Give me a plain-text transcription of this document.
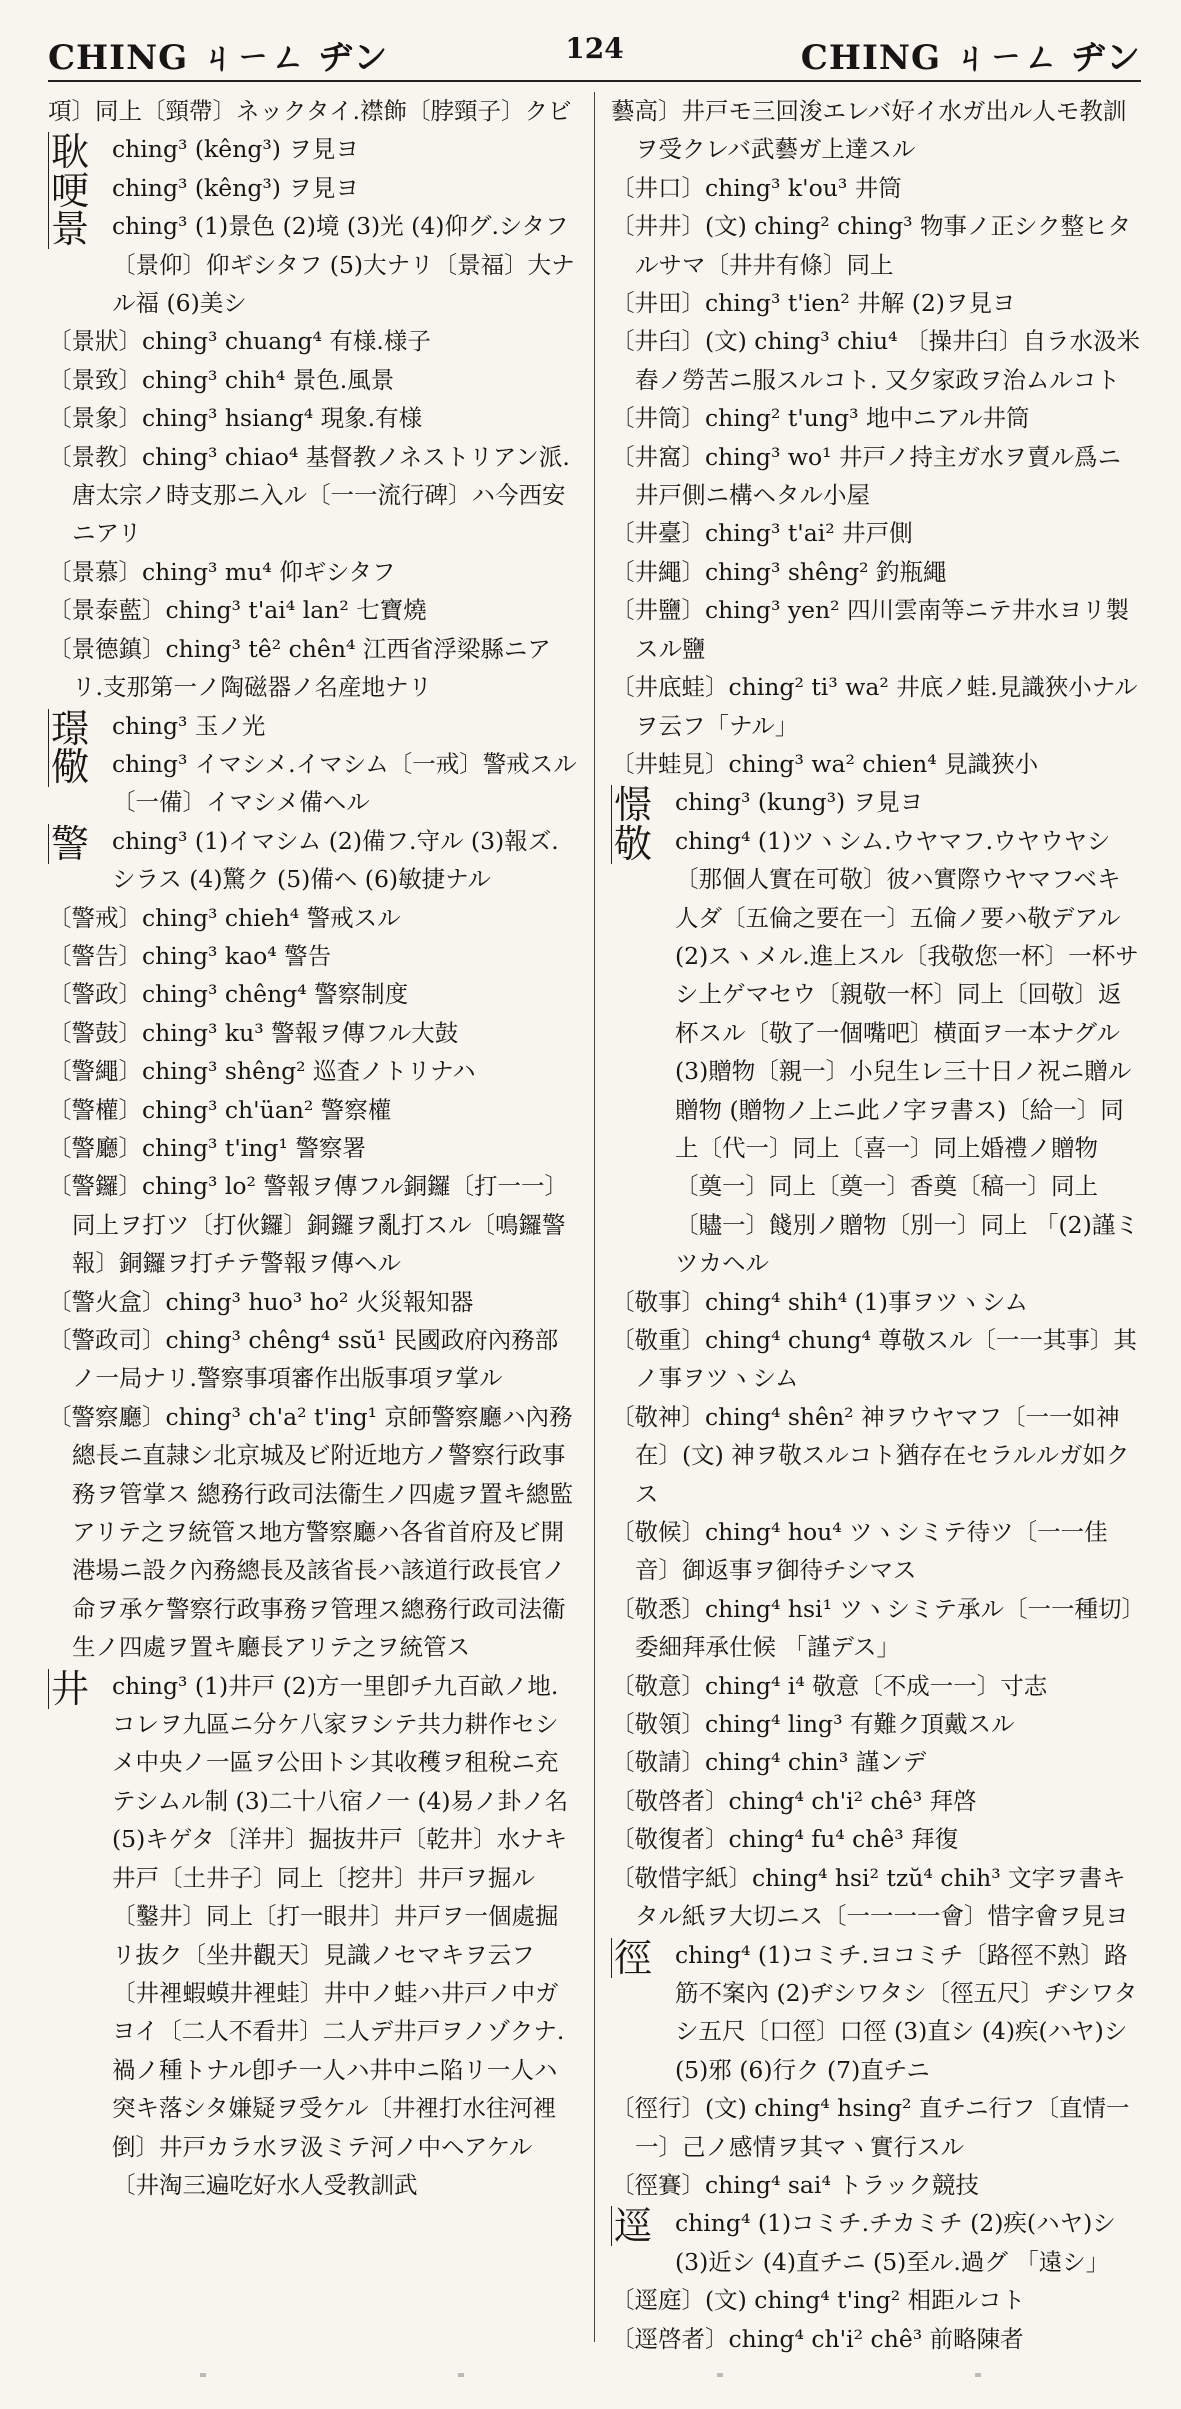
CHING ㄐㄧㄥ ヂン	124	CHING ㄐㄧㄥ ヂン
項〕同上〔頸帶〕ネックタイ.襟飾〔脖頸子〕クビ
耿 ching³ (kêng³) ヲ見ヨ
哽 ching³ (kêng³) ヲ見ヨ
景 ching³ (1)景色 (2)境 (3)光 (4)仰グ.シタフ〔景仰〕仰ギシタフ (5)大ナリ〔景福〕大ナル福 (6)美シ
〔景狀〕ching³ chuang⁴ 有様.様子
〔景致〕ching³ chih⁴ 景色.風景
〔景象〕ching³ hsiang⁴ 現象.有様
〔景教〕ching³ chiao⁴ 基督教ノネストリアン派.唐太宗ノ時支那ニ入ル〔一一流行碑〕ハ今西安ニアリ
〔景慕〕ching³ mu⁴ 仰ギシタフ
〔景泰藍〕ching³ t'ai⁴ lan² 七寶燒
〔景德鎮〕ching³ tê² chên⁴ 江西省浮梁縣ニアリ.支那第一ノ陶磁器ノ名産地ナリ
璟 ching³ 玉ノ光
儆 ching³ イマシメ.イマシム〔一戒〕警戒スル〔一備〕イマシメ備ヘル
警 ching³ (1)イマシム (2)備フ.守ル (3)報ズ.シラス (4)驚ク (5)備ヘ (6)敏捷ナル
〔警戒〕ching³ chieh⁴ 警戒スル
〔警告〕ching³ kao⁴ 警告
〔警政〕ching³ chêng⁴ 警察制度
〔警鼓〕ching³ ku³ 警報ヲ傳フル大鼓
〔警繩〕ching³ shêng² 巡査ノトリナハ
〔警權〕ching³ ch'üan² 警察權
〔警廳〕ching³ t'ing¹ 警察署
〔警鑼〕ching³ lo² 警報ヲ傳フル銅鑼〔打一一〕同上ヲ打ツ〔打伙鑼〕銅鑼ヲ亂打スル〔鳴鑼警報〕銅鑼ヲ打チテ警報ヲ傳ヘル
〔警火盒〕ching³ huo³ ho² 火災報知器
〔警政司〕ching³ chêng⁴ ssŭ¹ 民國政府內務部ノ一局ナリ.警察事項審作出版事項ヲ掌ル
〔警察廳〕ching³ ch'a² t'ing¹ 京師警察廳ハ內務總長ニ直隷シ北京城及ビ附近地方ノ警察行政事務ヲ管掌ス 總務行政司法衞生ノ四處ヲ置キ總監アリテ之ヲ統管ス地方警察廳ハ各省首府及ビ開港場ニ設ク內務總長及該省長ハ該道行政長官ノ命ヲ承ケ警察行政事務ヲ管理ス總務行政司法衞生ノ四處ヲ置キ廳長アリテ之ヲ統管ス
井 ching³ (1)井戸 (2)方一里卽チ九百畝ノ地. コレヲ九區ニ分ケ八家ヲシテ共力耕作セシメ中央ノ一區ヲ公田トシ其收穫ヲ租稅ニ充テシムル制 (3)二十八宿ノ一 (4)易ノ卦ノ名 (5)キゲタ〔洋井〕掘抜井戸〔乾井〕水ナキ井戸〔土井子〕同上〔挖井〕井戸ヲ掘ル〔鑿井〕同上〔打一眼井〕井戸ヲ一個處掘リ抜ク〔坐井觀天〕見識ノセマキヲ云フ〔井裡蝦蟆井裡蛙〕井中ノ蛙ハ井戸ノ中ガヨイ〔二人不看井〕二人デ井戸ヲノゾクナ. 禍ノ種トナル卽チ一人ハ井中ニ陷リ一人ハ突キ落シタ嫌疑ヲ受ケル〔井裡打水往河裡倒〕井戸カラ水ヲ汲ミテ河ノ中ヘアケル〔井淘三遍吃好水人受教訓武
藝高〕井戸モ三回浚エレバ好イ水ガ出ル人モ教訓ヲ受クレバ武藝ガ上達スル
〔井口〕ching³ k'ou³ 井筒
〔井井〕(文) ching² ching³ 物事ノ正シク整ヒタルサマ〔井井有條〕同上
〔井田〕ching³ t'ien² 井解 (2)ヲ見ヨ
〔井臼〕(文) ching³ chiu⁴ 〔操井臼〕自ラ水汲米舂ノ勞苦ニ服スルコト. 又夕家政ヲ治ムルコト
〔井筒〕ching² t'ung³ 地中ニアル井筒
〔井窩〕ching³ wo¹ 井戸ノ持主ガ水ヲ賣ル爲ニ井戸側ニ構ヘタル小屋
〔井臺〕ching³ t'ai² 井戸側
〔井繩〕ching³ shêng² 釣瓶繩
〔井鹽〕ching³ yen² 四川雲南等ニテ井水ヨリ製スル鹽
〔井底蛙〕ching² ti³ wa² 井底ノ蛙.見識狹小ナルヲ云フ「ナル」
〔井蛙見〕ching³ wa² chien⁴ 見識狹小
憬 ching³ (kung³) ヲ見ヨ
敬 ching⁴ (1)ツヽシム.ウヤマフ.ウヤウヤシ〔那個人實在可敬〕彼ハ實際ウヤマフベキ人ダ〔五倫之要在一〕五倫ノ要ハ敬デアル (2)スヽメル.進上スル〔我敬您一杯〕一杯サシ上ゲマセウ〔親敬一杯〕同上〔回敬〕返杯スル〔敬了一個嘴吧〕横面ヲ一本ナグル (3)贈物〔親一〕小兒生レ三十日ノ祝ニ贈ル贈物 (贈物ノ上ニ此ノ字ヲ書ス)〔給一〕同上〔代一〕同上〔喜一〕同上婚禮ノ贈物〔奠一〕同上〔奠一〕香奠〔稿一〕同上〔贐一〕餞別ノ贈物〔別一〕同上 「(2)謹ミツカヘル
〔敬事〕ching⁴ shih⁴ (1)事ヲツヽシム
〔敬重〕ching⁴ chung⁴ 尊敬スル〔一一其事〕其ノ事ヲツヽシム
〔敬神〕ching⁴ shên² 神ヲウヤマフ〔一一如神在〕(文) 神ヲ敬スルコト猶存在セラルルガ如クス
〔敬候〕ching⁴ hou⁴ ツヽシミテ待ツ〔一一佳音〕御返事ヲ御待チシマス
〔敬悉〕ching⁴ hsi¹ ツヽシミテ承ル〔一一種切〕委細拜承仕候 「謹デス」
〔敬意〕ching⁴ i⁴ 敬意〔不成一一〕寸志
〔敬領〕ching⁴ ling³ 有難ク頂戴スル
〔敬請〕ching⁴ chin³ 謹ンデ
〔敬啓者〕ching⁴ ch'i² chê³ 拜啓
〔敬復者〕ching⁴ fu⁴ chê³ 拜復
〔敬惜字紙〕ching⁴ hsi² tzŭ⁴ chih³ 文字ヲ書キタル紙ヲ大切ニス〔一一一一會〕惜字會ヲ見ヨ
徑 ching⁴ (1)コミチ.ヨコミチ〔路徑不熟〕路筋不案內 (2)ヂシワタシ〔徑五尺〕ヂシワタシ五尺〔口徑〕口徑 (3)直シ (4)疾(ハヤ)シ (5)邪 (6)行ク (7)直チニ
〔徑行〕(文) ching⁴ hsing² 直チニ行フ〔直情一一〕己ノ感情ヲ其マヽ實行スル
〔徑賽〕ching⁴ sai⁴ トラック競技
逕 ching⁴ (1)コミチ.チカミチ (2)疾(ハヤ)シ (3)近シ (4)直チニ (5)至ル.過グ 「遠シ」
〔逕庭〕(文) ching⁴ t'ing² 相距ルコト
〔逕啓者〕ching⁴ ch'i² chê³ 前略陳者
